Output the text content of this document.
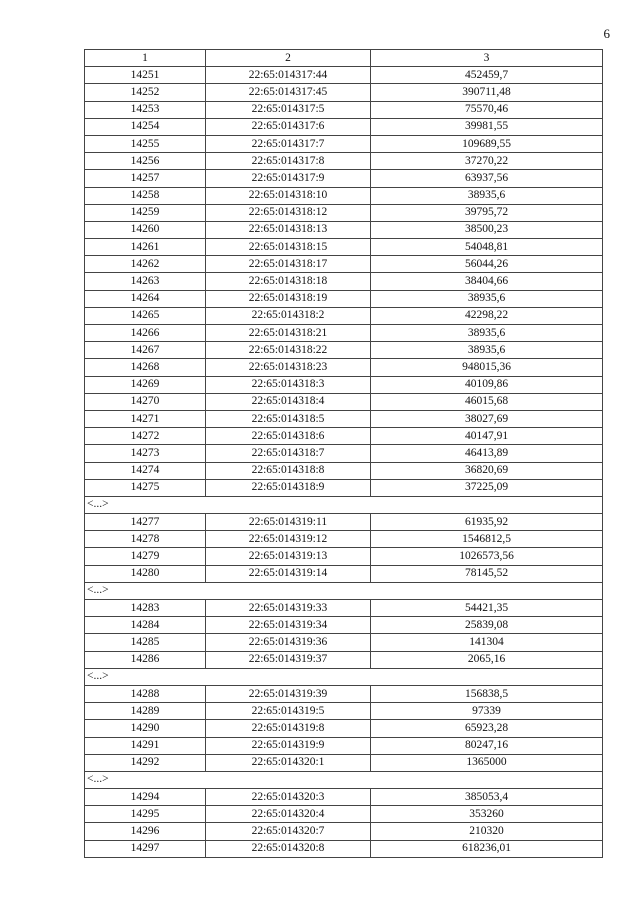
6
1	2	3
14251	22:65:014317:44	452459,7
14252	22:65:014317:45	390711,48
14253	22:65:014317:5	75570,46
14254	22:65:014317:6	39981,55
14255	22:65:014317:7	109689,55
14256	22:65:014317:8	37270,22
14257	22:65:014317:9	63937,56
14258	22:65:014318:10	38935,6
14259	22:65:014318:12	39795,72
14260	22:65:014318:13	38500,23
14261	22:65:014318:15	54048,81
14262	22:65:014318:17	56044,26
14263	22:65:014318:18	38404,66
14264	22:65:014318:19	38935,6
14265	22:65:014318:2	42298,22
14266	22:65:014318:21	38935,6
14267	22:65:014318:22	38935,6
14268	22:65:014318:23	948015,36
14269	22:65:014318:3	40109,86
14270	22:65:014318:4	46015,68
14271	22:65:014318:5	38027,69
14272	22:65:014318:6	40147,91
14273	22:65:014318:7	46413,89
14274	22:65:014318:8	36820,69
14275	22:65:014318:9	37225,09
<...>		
14277	22:65:014319:11	61935,92
14278	22:65:014319:12	1546812,5
14279	22:65:014319:13	1026573,56
14280	22:65:014319:14	78145,52
<...>		
14283	22:65:014319:33	54421,35
14284	22:65:014319:34	25839,08
14285	22:65:014319:36	141304
14286	22:65:014319:37	2065,16
<...>		
14288	22:65:014319:39	156838,5
14289	22:65:014319:5	97339
14290	22:65:014319:8	65923,28
14291	22:65:014319:9	80247,16
14292	22:65:014320:1	1365000
<...>		
14294	22:65:014320:3	385053,4
14295	22:65:014320:4	353260
14296	22:65:014320:7	210320
14297	22:65:014320:8	618236,01
